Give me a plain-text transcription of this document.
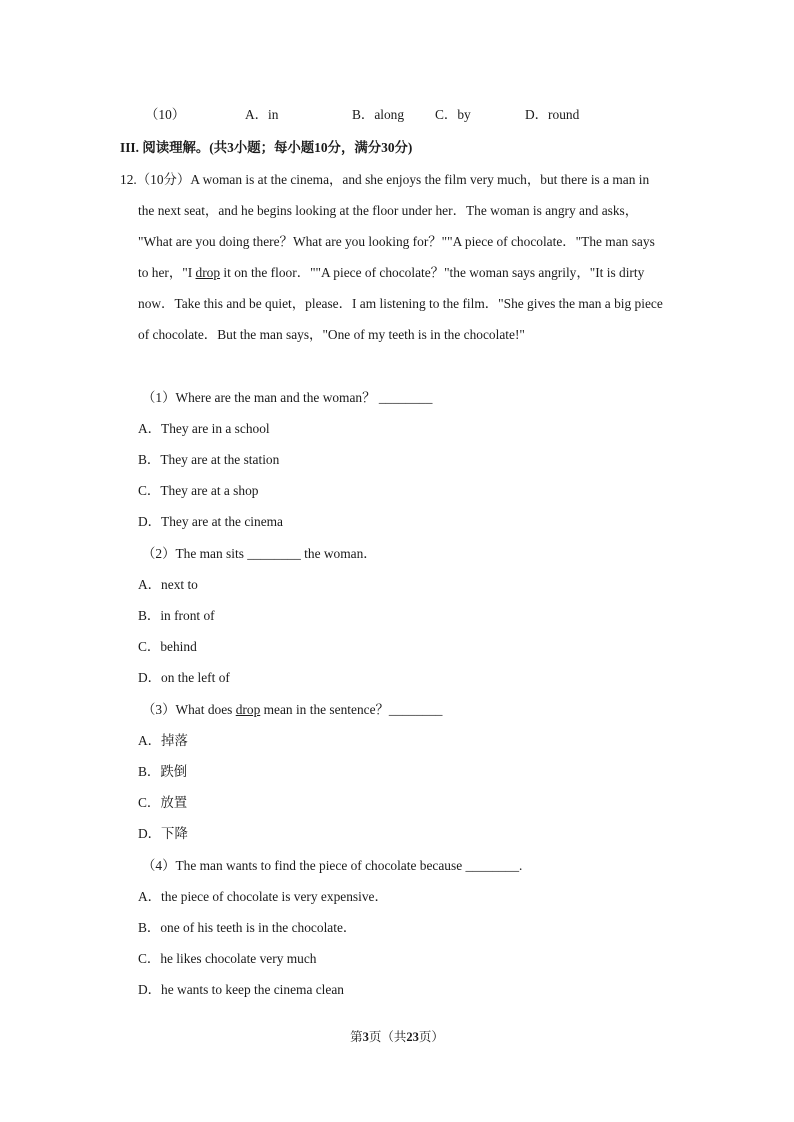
（10）	A．in	B．along C．by	D．round
III. 阅读理解。(共3小题；每小题10分，满分30分)
12.（10分）A woman is at the cinema，and she enjoys the film very much，but there is a man in
the next seat，and he begins looking at the floor under her．The woman is angry and asks，
"What are you doing there？What are you looking for？""A piece of chocolate．"The man says
to her，"I drop it on the floor．""A piece of chocolate？"the woman says angrily，"It is dirty
now．Take this and be quiet，please．I am listening to the film．"She gives the man a big piece
of chocolate．But the man says，"One of my teeth is in the chocolate!"
（1）Where are the man and the woman？ ________
A．They are in a school
B．They are at the station
C．They are at a shop
D．They are at the cinema
（2）The man sits ________ the woman．
A．next to
B．in front of
C．behind
D．on the left of
（3）What does drop mean in the sentence？________
A．掉落
B．跌倒
C．放置
D．下降
（4）The man wants to find the piece of chocolate because ________.
A．the piece of chocolate is very expensive．
B．one of his teeth is in the chocolate．
C．he likes chocolate very much
D．he wants to keep the cinema clean
第3页（共23页）
